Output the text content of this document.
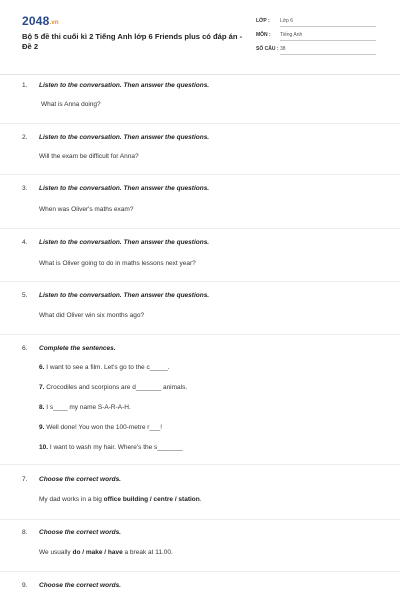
2048.vn
Bộ 5 đề thi cuối kì 2 Tiếng Anh lớp 6 Friends plus có đáp án - Đề 2
LỚP : Lớp 6
MÔN : Tiếng Anh
SỐ CÂU : 38
1. Listen to the conversation. Then answer the questions.
What is Anna doing?
2. Listen to the conversation. Then answer the questions.
Will the exam be difficult for Anna?
3. Listen to the conversation. Then answer the questions.
When was Oliver's maths exam?
4. Listen to the conversation. Then answer the questions.
What is Oliver going to do in maths lessons next year?
5. Listen to the conversation. Then answer the questions.
What did Oliver win six months ago?
6. Complete the sentences.
6. I want to see a film. Let's go to the c_____.
7. Crocodiles and scorpions are d_______ animals.
8. I s____ my name S-A-R-A-H.
9. Well done! You won the 100-metre r___!
10. I want to wash my hair. Where's the s_______
7. Choose the correct words.
My dad works in a big office building / centre / station.
8. Choose the correct words.
We usually do / make / have a break at 11.00.
9. Choose the correct words.
